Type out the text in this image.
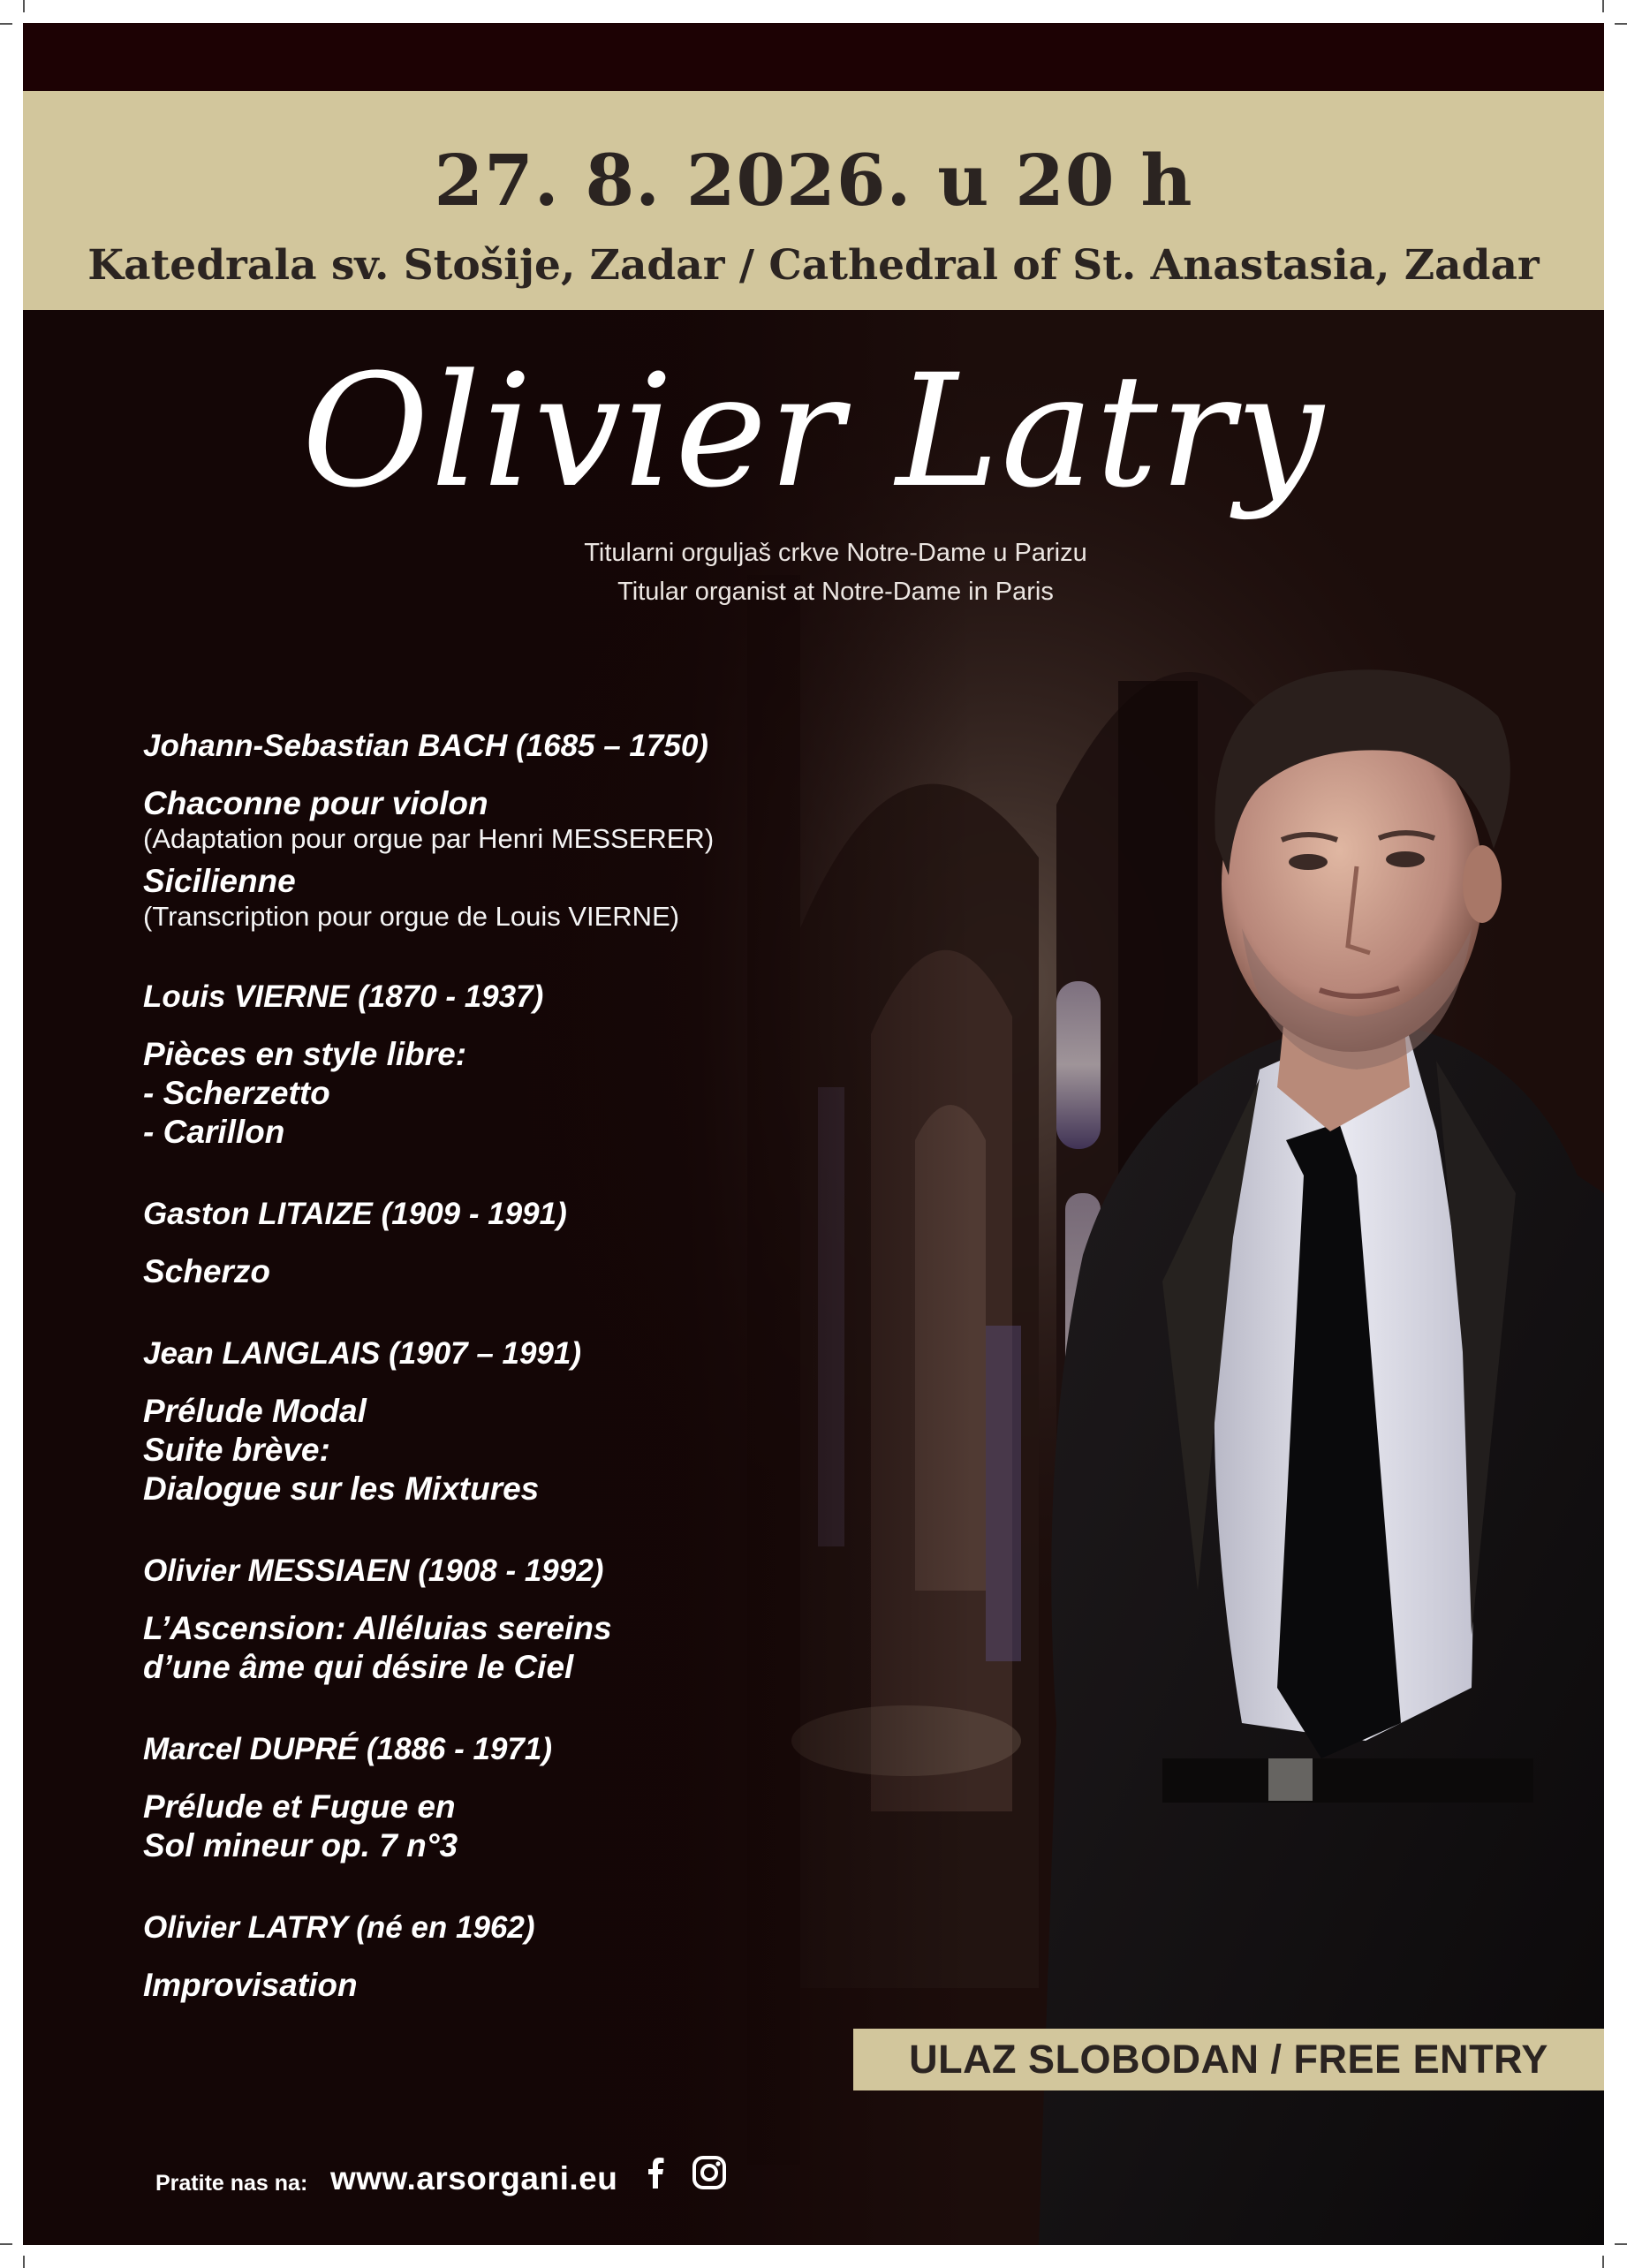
27. 8. 2026. u 20 h
Katedrala sv. Stošije, Zadar / Cathedral of St. Anastasia, Zadar
Olivier Latry
Titularni orguljaš crkve Notre-Dame u Parizu
Titular organist at Notre-Dame in Paris
Johann-Sebastian BACH (1685 – 1750)
Chaconne pour violon
(Adaptation pour orgue par Henri MESSERER)
Sicilienne
(Transcription pour orgue de Louis VIERNE)
Louis VIERNE (1870 - 1937)
Pièces en style libre:
- Scherzetto
- Carillon
Gaston LITAIZE (1909 - 1991)
Scherzo
Jean LANGLAIS (1907 – 1991)
Prélude Modal
Suite brève:
Dialogue sur les Mixtures
Olivier MESSIAEN (1908 - 1992)
L’Ascension: Alléluias sereins
d’une âme qui désire le Ciel
Marcel DUPRÉ (1886 - 1971)
Prélude et Fugue en
Sol mineur op. 7 n°3
Olivier LATRY (né en 1962)
Improvisation
ULAZ SLOBODAN / FREE ENTRY
Pratite nas na: www.arsorgani.eu
